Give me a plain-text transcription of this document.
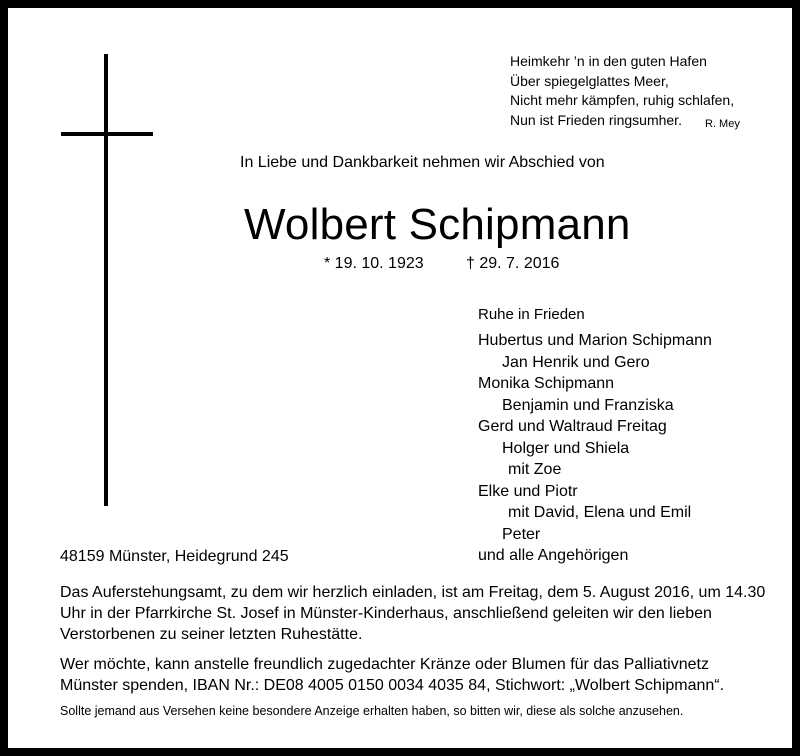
Heimkehr ’n in den guten Hafen
Über spiegelglattes Meer,
Nicht mehr kämpfen, ruhig schlafen,
Nun ist Frieden ringsumher.	R. Mey
In Liebe und Dankbarkeit nehmen wir Abschied von
Wolbert Schipmann
* 19. 10. 1923	† 29. 7. 2016
Ruhe in Frieden
Hubertus und Marion Schipmann
Jan Henrik und Gero
Monika Schipmann
Benjamin und Franziska
Gerd und Waltraud Freitag
Holger und Shiela
mit Zoe
Elke und Piotr
mit David, Elena und Emil
Peter
und alle Angehörigen
48159 Münster, Heidegrund 245
Das Auferstehungsamt, zu dem wir herzlich einladen, ist am Freitag, dem 5. August 2016, um 14.30 Uhr in der Pfarrkirche St. Josef in Münster-Kinderhaus, anschließend geleiten wir den lieben Verstorbenen zu seiner letzten Ruhestätte.
Wer möchte, kann anstelle freundlich zugedachter Kränze oder Blumen für das Palliativnetz Münster spenden, IBAN Nr.: DE08 4005 0150 0034 4035 84, Stichwort: „Wolbert Schipmann“.
Sollte jemand aus Versehen keine besondere Anzeige erhalten haben, so bitten wir, diese als solche anzusehen.
